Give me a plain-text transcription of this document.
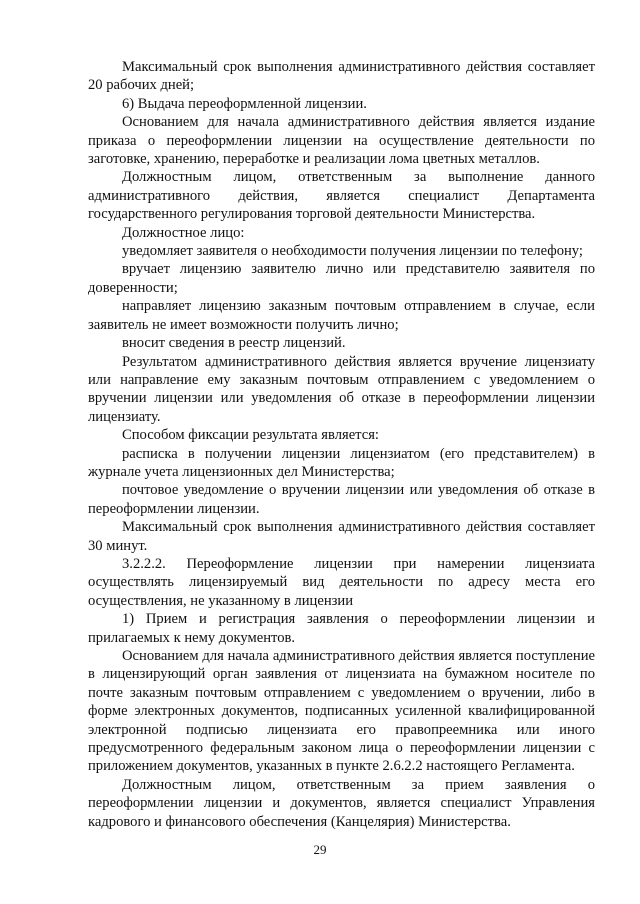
Максимальный срок выполнения административного действия составляет 20 рабочих дней;

6) Выдача переоформленной лицензии.

Основанием для начала административного действия является издание приказа о переоформлении лицензии на осуществление деятельности по заготовке, хранению, переработке и реализации лома цветных металлов.

Должностным лицом, ответственным за выполнение данного административного действия, является специалист Департамента государственного регулирования торговой деятельности Министерства.

Должностное лицо:

уведомляет заявителя о необходимости получения лицензии по телефону;

вручает лицензию заявителю лично или представителю заявителя по доверенности;

направляет лицензию заказным почтовым отправлением в случае, если заявитель не имеет возможности получить лично;

вносит сведения в реестр лицензий.

Результатом административного действия является вручение лицензиату или направление ему заказным почтовым отправлением с уведомлением о вручении лицензии или уведомления об отказе в переоформлении лицензии лицензиату.

Способом фиксации результата является:

расписка в получении лицензии лицензиатом (его представителем) в журнале учета лицензионных дел Министерства;

почтовое уведомление о вручении лицензии или уведомления об отказе в переоформлении лицензии.

Максимальный срок выполнения административного действия составляет 30 минут.

3.2.2.2. Переоформление лицензии при намерении лицензиата осуществлять лицензируемый вид деятельности по адресу места его осуществления, не указанному в лицензии

1) Прием и регистрация заявления о переоформлении лицензии и прилагаемых к нему документов.

Основанием для начала административного действия является поступление в лицензирующий орган заявления от лицензиата на бумажном носителе по почте заказным почтовым отправлением с уведомлением о вручении, либо в форме электронных документов, подписанных усиленной квалифицированной электронной подписью лицензиата его правопреемника или иного предусмотренного федеральным законом лица о переоформлении лицензии с приложением документов, указанных в пункте 2.6.2.2 настоящего Регламента.

Должностным лицом, ответственным за прием заявления о переоформлении лицензии и документов, является специалист Управления кадрового и финансового обеспечения (Канцелярия) Министерства.

29
